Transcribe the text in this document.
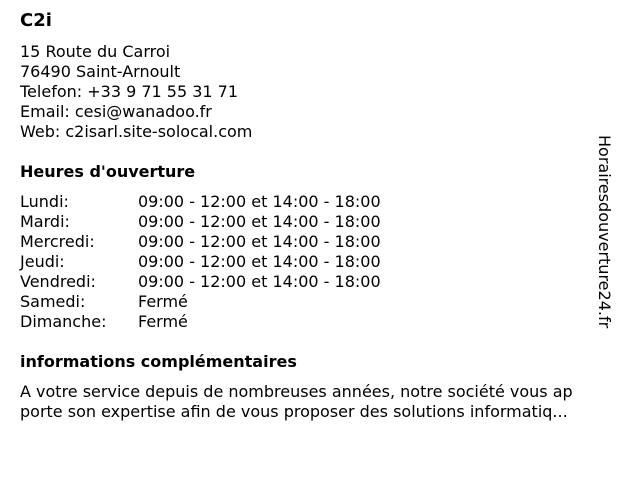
C2i
15 Route du Carroi
76490 Saint-Arnoult
Telefon: +33 9 71 55 31 71
Email: cesi@wanadoo.fr
Web: c2isarl.site-solocal.com
Heures d'ouverture
Lundi:	09:00 - 12:00 et 14:00 - 18:00
Mardi:	09:00 - 12:00 et 14:00 - 18:00
Mercredi:	09:00 - 12:00 et 14:00 - 18:00
Jeudi:	09:00 - 12:00 et 14:00 - 18:00
Vendredi:	09:00 - 12:00 et 14:00 - 18:00
Samedi:	Fermé
Dimanche:	Fermé
informations complémentaires
A votre service depuis de nombreuses années, notre société vous ap
porte son expertise afin de vous proposer des solutions informatiq...
Horairesdouverture24.fr
